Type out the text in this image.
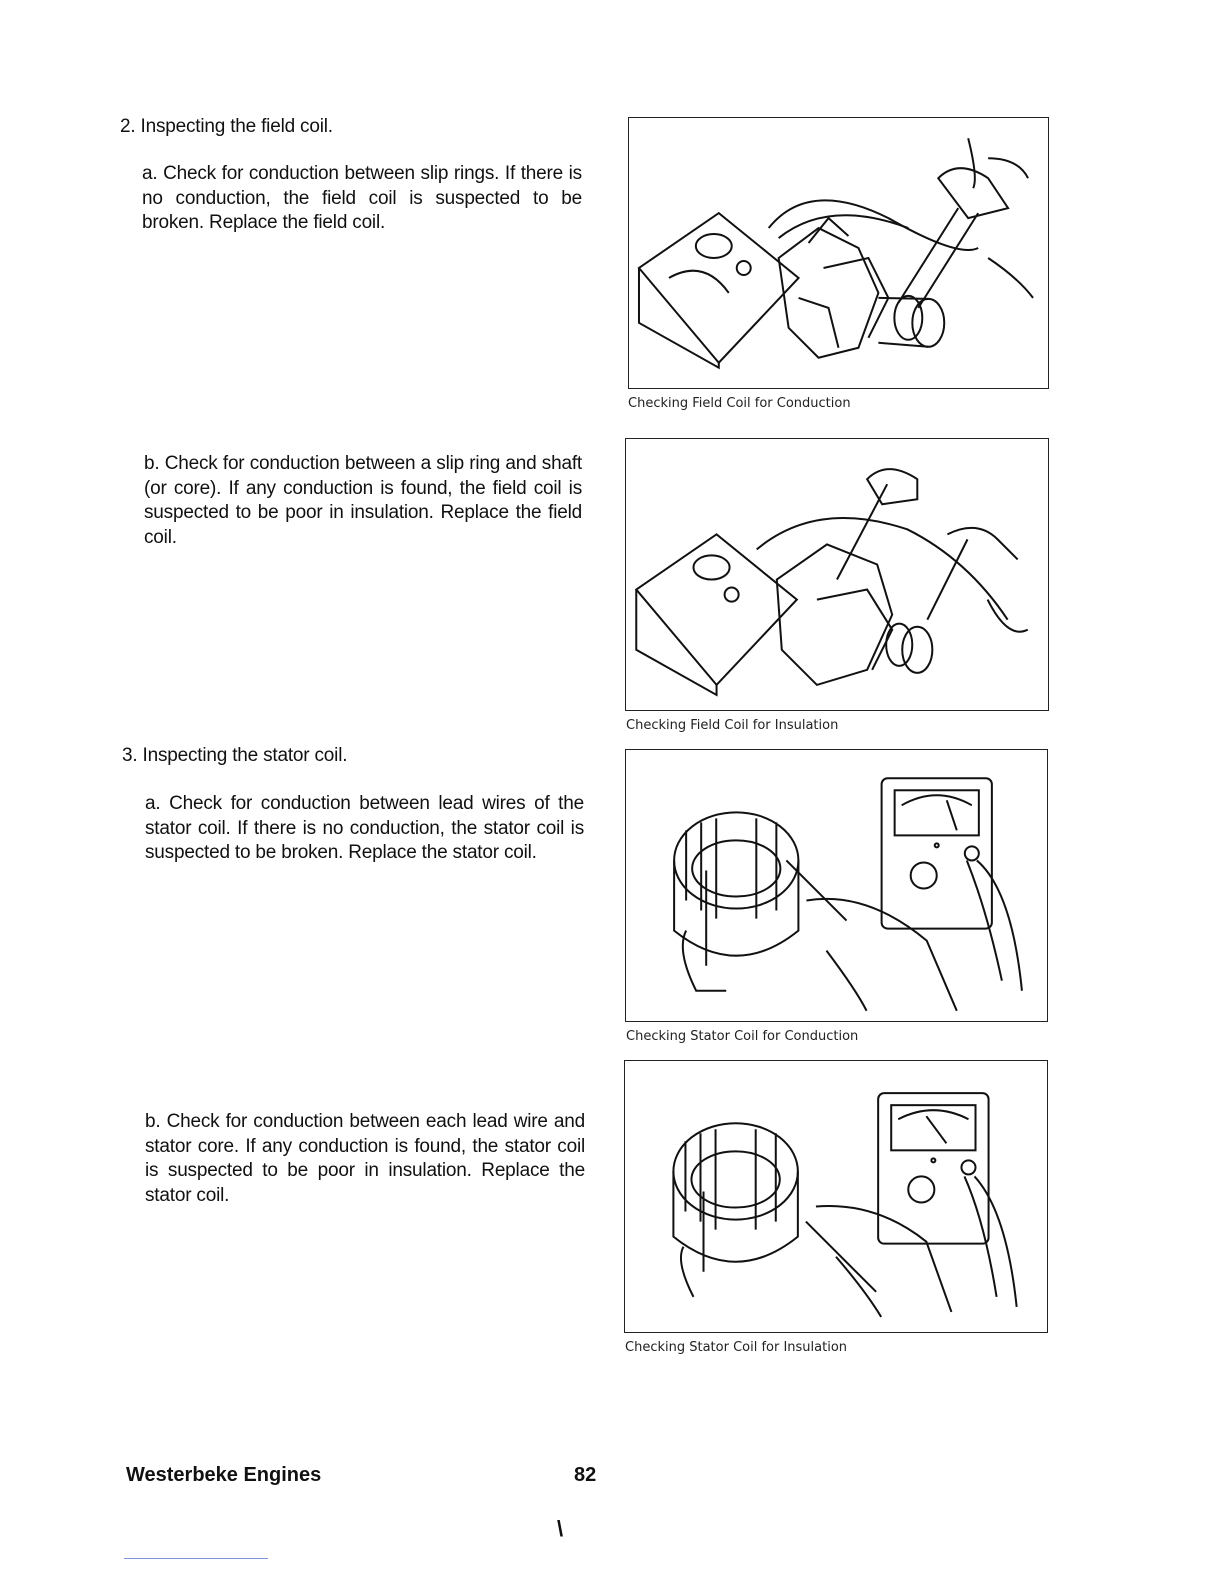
2. Inspecting the field coil.
a. Check for conduction between slip rings. If there is no conduction, the field coil is suspected to be broken. Replace the field coil.
Checking Field Coil for Conduction
b. Check for conduction between a slip ring and shaft (or core). If any conduction is found, the field coil is suspected to be poor in insulation. Replace the field coil.
Checking Field Coil for Insulation
3. Inspecting the stator coil.
a. Check for conduction between lead wires of the stator coil. If there is no conduction, the stator coil is suspected to be broken. Replace the stator coil.
Checking Stator Coil for Conduction
b. Check for conduction between each lead wire and stator core. If any conduction is found, the stator coil is suspected to be poor in insulation. Replace the stator coil.
Checking Stator Coil for Insulation
Westerbeke Engines	82
\
